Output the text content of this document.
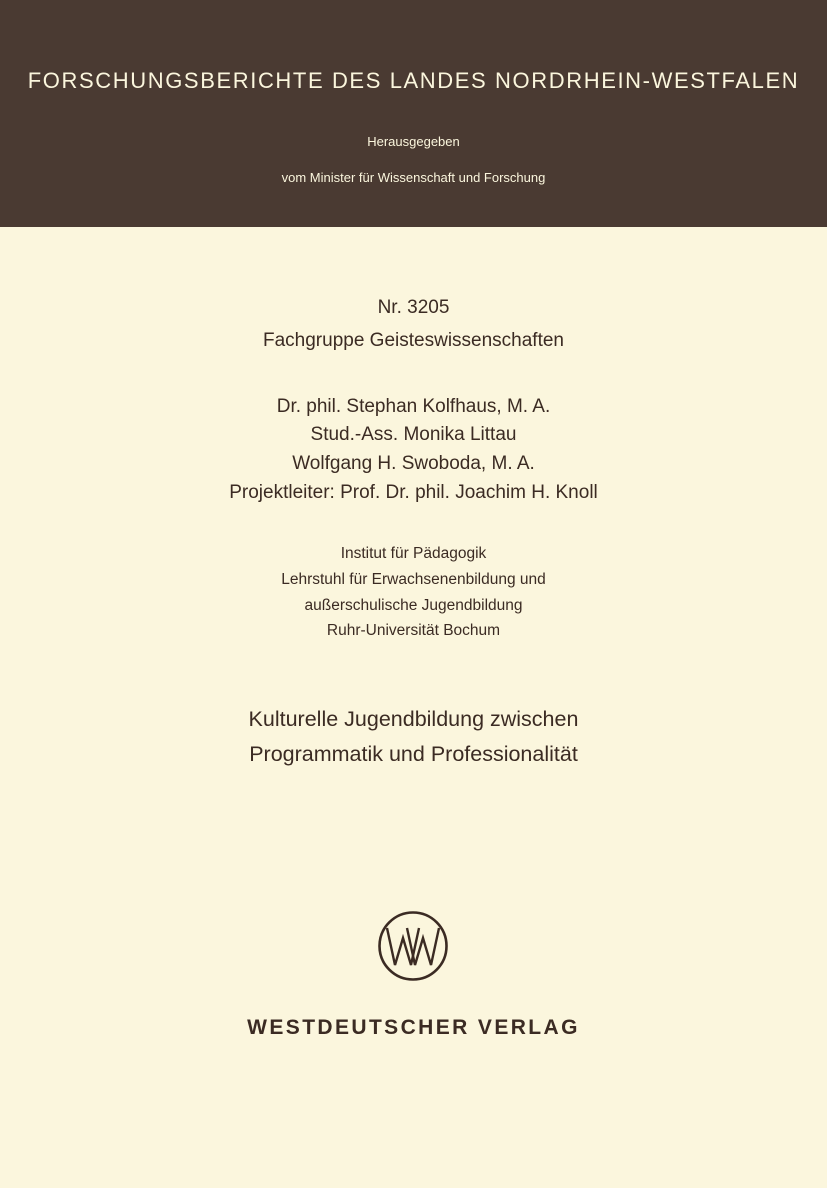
FORSCHUNGSBERICHTE DES LANDES NORDRHEIN-WESTFALEN
Herausgegeben
vom Minister für Wissenschaft und Forschung
Nr. 3205
Fachgruppe Geisteswissenschaften
Dr. phil. Stephan Kolfhaus, M. A.
Stud.-Ass. Monika Littau
Wolfgang H. Swoboda, M. A.
Projektleiter: Prof. Dr. phil. Joachim H. Knoll
Institut für Pädagogik
Lehrstuhl für Erwachsenenbildung und
außerschulische Jugendbildung
Ruhr-Universität Bochum
Kulturelle Jugendbildung zwischen
Programmatik und Professionalität
WESTDEUTSCHER VERLAG
